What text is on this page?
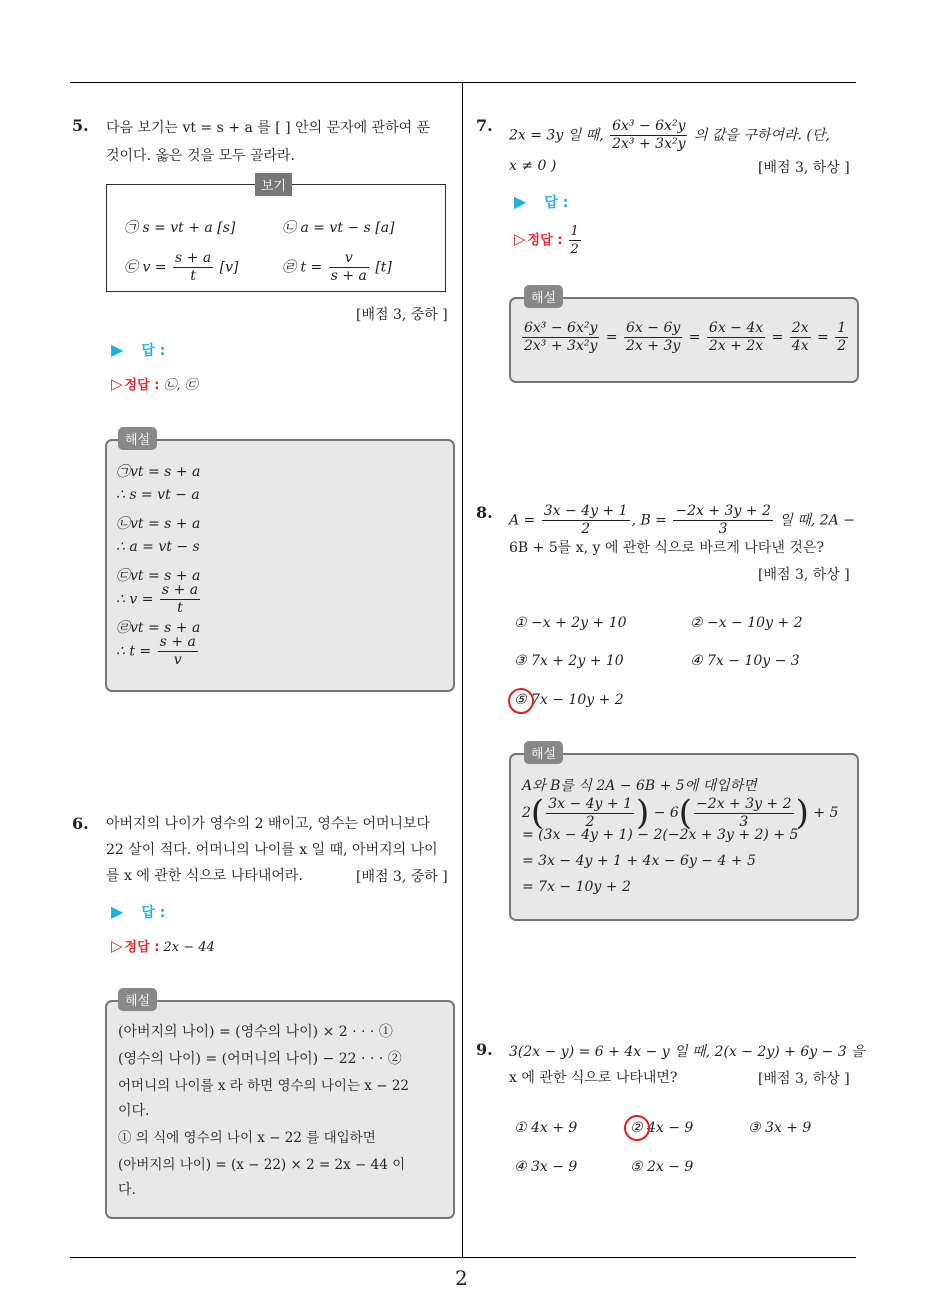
2
5. 다음 보기는 vt = s + a 를 [ ] 안의 문자에 관하여 푼
것이다. 옳은 것을 모두 골라라.
보기
㉠ s = vt + a [s]	㉡ a = vt − s [a]
㉢ $v = \frac{s + a}{t} [v]$	㉣ $t = \frac{v}{s + a} [t]$
[배점 3, 중하 ]
▶ 답 :
▷ 정답 : ㉡, ㉢
해설
㉠vt = s + a
∴ s = vt − a
㉡vt = s + a
∴ a = vt − s
㉢vt = s + a
∴ $v = \frac{s + a}{t}$
㉣vt = s + a
∴ $t = \frac{s + a}{v}$
6. 아버지의 나이가 영수의 2 배이고, 영수는 어머니보다
22 살이 적다. 어머니의 나이를 x 일 때, 아버지의 나이
를 x 에 관한 식으로 나타내어라.	[배점 3, 중하 ]
▶ 답 :
▷ 정답 : 2x − 44
해설
(아버지의 나이) = (영수의 나이) × 2 · · · ①
(영수의 나이) = (어머니의 나이) − 22 · · · ②
어머니의 나이를 x 라 하면 영수의 나이는 x − 22
이다.
① 의 식에 영수의 나이 x − 22 를 대입하면
(아버지의 나이) = (x − 22) × 2 = 2x − 44 이
다.
7.
2x = 3y 일 때, $\frac{\text{6x³ − 6x²y}}{\text{2x³ + 3x²y}}$ 의 값을 구하여라. (단,
x ≠ 0 )	[배점 3, 하상 ]
▶ 답 :
▷ 정답 : $\frac{1}{2}$
해설
$\frac{\text{6x³ − 6x²y}}{\text{2x³ + 3x²y}} = \frac{6x - 6y}{2x + 3y} = \frac{6x - 4x}{2x + 2x} = \frac{2x}{4x} = \frac{1}{2}$
8. $A = \frac{3x - 4y + 1}{2}$ , $B = \frac{-2x + 3y + 2}{3}$ 일 때, 2A −
6B + 5를 x, y 에 관한 식으로 바르게 나타낸 것은?
[배점 3, 하상 ]
① −x + 2y + 10	② −x − 10y + 2
③ 7x + 2y + 10	④ 7x − 10y − 3
⑤ 7x − 10y + 2
해설
A와 B를 식 2A − 6B + 5에 대입하면
$2( \frac{3x - 4y + 1}{2}$ ) − $6( \frac{-2x + 3y + 2}{3}$ ) + 5
= (3x − 4y + 1) − 2(−2x + 3y + 2) + 5
= 3x − 4y + 1 + 4x − 6y − 4 + 5
= 7x − 10y + 2
9. 3(2x − y) = 6 + 4x − y 일 때, 2(x − 2y) + 6y − 3 을
x 에 관한 식으로 나타내면?	[배점 3, 하상 ]
① 4x + 9	② 4x − 9	③ 3x + 9
④ 3x − 9	⑤ 2x − 9
